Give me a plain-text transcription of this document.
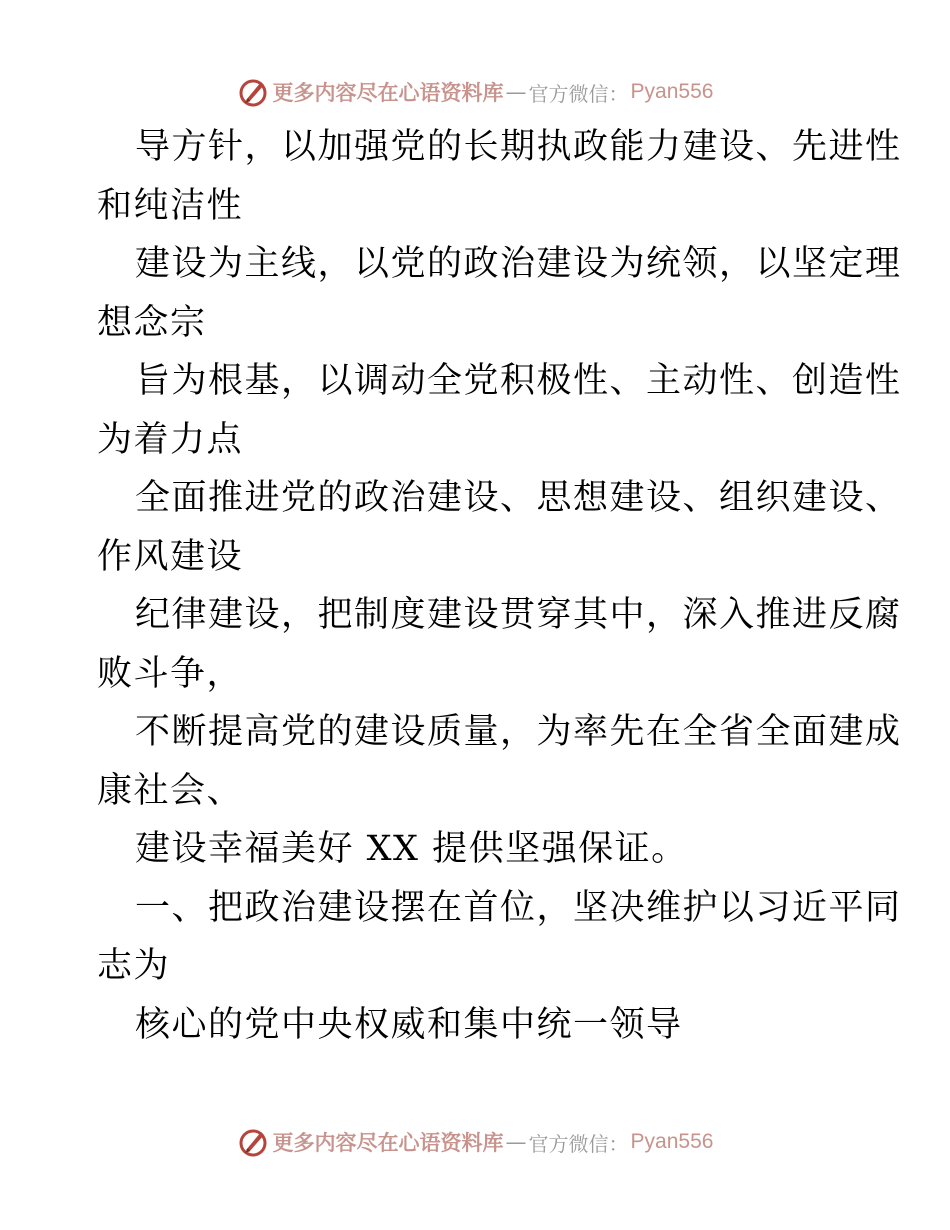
更多内容尽在心语资料库 — 官方微信： Pyan556
导方针，以加强党的长期执政能力建设、先进性
和纯洁性
建设为主线，以党的政治建设为统领，以坚定理
想念宗
旨为根基，以调动全党积极性、主动性、创造性
为着力点
全面推进党的政治建设、思想建设、组织建设、
作风建设
纪律建设，把制度建设贯穿其中，深入推进反腐
败斗争，
不断提高党的建设质量，为率先在全省全面建成
康社会、
建设幸福美好 XX 提供坚强保证。
一、把政治建设摆在首位，坚决维护以习近平同
志为
核心的党中央权威和集中统一领导
更多内容尽在心语资料库 — 官方微信： Pyan556
